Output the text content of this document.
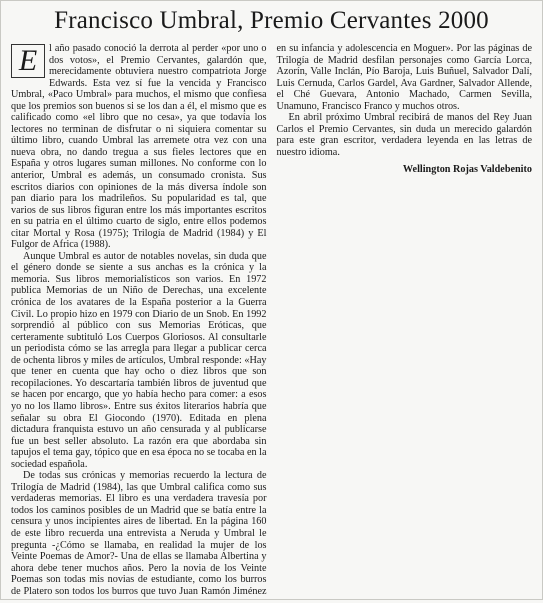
Francisco Umbral, Premio Cervantes 2000

E	l año pasado conoció la derrota al perder «por uno o dos votos», el Premio Cervantes, galardón que, merecidamente obtuviera nuestro compatriota Jorge Edwards. Esta vez sí fue la vencida y Francisco Umbral, «Paco Umbral» para muchos, el mismo que confiesa que los premios son buenos si se los dan a él, el mismo que es calificado como «el libro que no cesa», ya que todavía los lectores no terminan de disfrutar o ni siquiera comentar su último libro, cuando Umbral las arremete otra vez con una nueva obra, no dando tregua a sus fieles lectores que en España y otros lugares suman millones. No conforme con lo anterior, Umbral es además, un consumado cronista. Sus escritos diarios con opiniones de la más diversa índole son pan diario para los madrileños. Su popularidad es tal, que varios de sus libros figuran entre los más importantes escritos en su patria en el último cuarto de siglo, entre ellos podemos citar Mortal y Rosa (1975); Trilogía de Madrid (1984) y El Fulgor de Africa (1988).

Aunque Umbral es autor de notables novelas, sin duda que el género donde se siente a sus anchas es la crónica y la memoria. Sus libros memorialísticos son varios. En 1972 publica Memorias de un Niño de Derechas, una excelente crónica de los avatares de la España posterior a la Guerra Civil. Lo propio hizo en 1979 con Diario de un Snob. En 1992 sorprendió al público con sus Memorias Eróticas, que certeramente subtituló Los Cuerpos Gloriosos. Al consultarle un periodista cómo se las arregla para llegar a publicar cerca de ochenta libros y miles de artículos, Umbral responde: «Hay que tener en cuenta que hay ocho o diez libros que son recopilaciones. Yo descartaría también libros de juventud que se hacen por encargo, que yo había hecho para comer: a esos yo no los llamo libros». Entre sus éxitos literarios habría que señalar su obra El Giocondo (1970). Editada en plena dictadura franquista estuvo un año censurada y al publicarse fue un best seller absoluto. La razón era que abordaba sin tapujos el tema gay, tópico que en esa época no se tocaba en la sociedad española.

De todas sus crónicas y memorias recuerdo la lectura de Trilogía de Madrid (1984), las que Umbral califica como sus verdaderas memorias. El libro es una verdadera travesía por todos los caminos posibles de un Madrid que se batía entre la censura y unos incipientes aires de libertad. En la página 160 de este libro recuerda una entrevista a Neruda y Umbral le pregunta -¿Cómo se llamaba, en realidad la mujer de los Veinte Poemas de Amor?- Una de ellas se llamaba Albertina y ahora debe tener muchos años. Pero la novia de los Veinte Poemas son todas mis novias de estudiante, como los burros de Platero son todos los burros que tuvo Juan Ramón Jiménez en su infancia y adolescencia en Moguer». Por las páginas de Trilogía de Madrid desfilan personajes como García Lorca, Azorín, Valle Inclán, Pío Baroja, Luis Buñuel, Salvador Dalí, Luis Cernuda, Carlos Gardel, Ava Gardner, Salvador Allende, el Ché Guevara, Antonio Machado, Carmen Sevilla, Unamuno, Francisco Franco y muchos otros.

En abril próximo Umbral recibirá de manos del Rey Juan Carlos el Premio Cervantes, sin duda un merecido galardón para este gran escritor, verdadera leyenda en las letras de nuestro idioma.

Wellington Rojas Valdebenito
